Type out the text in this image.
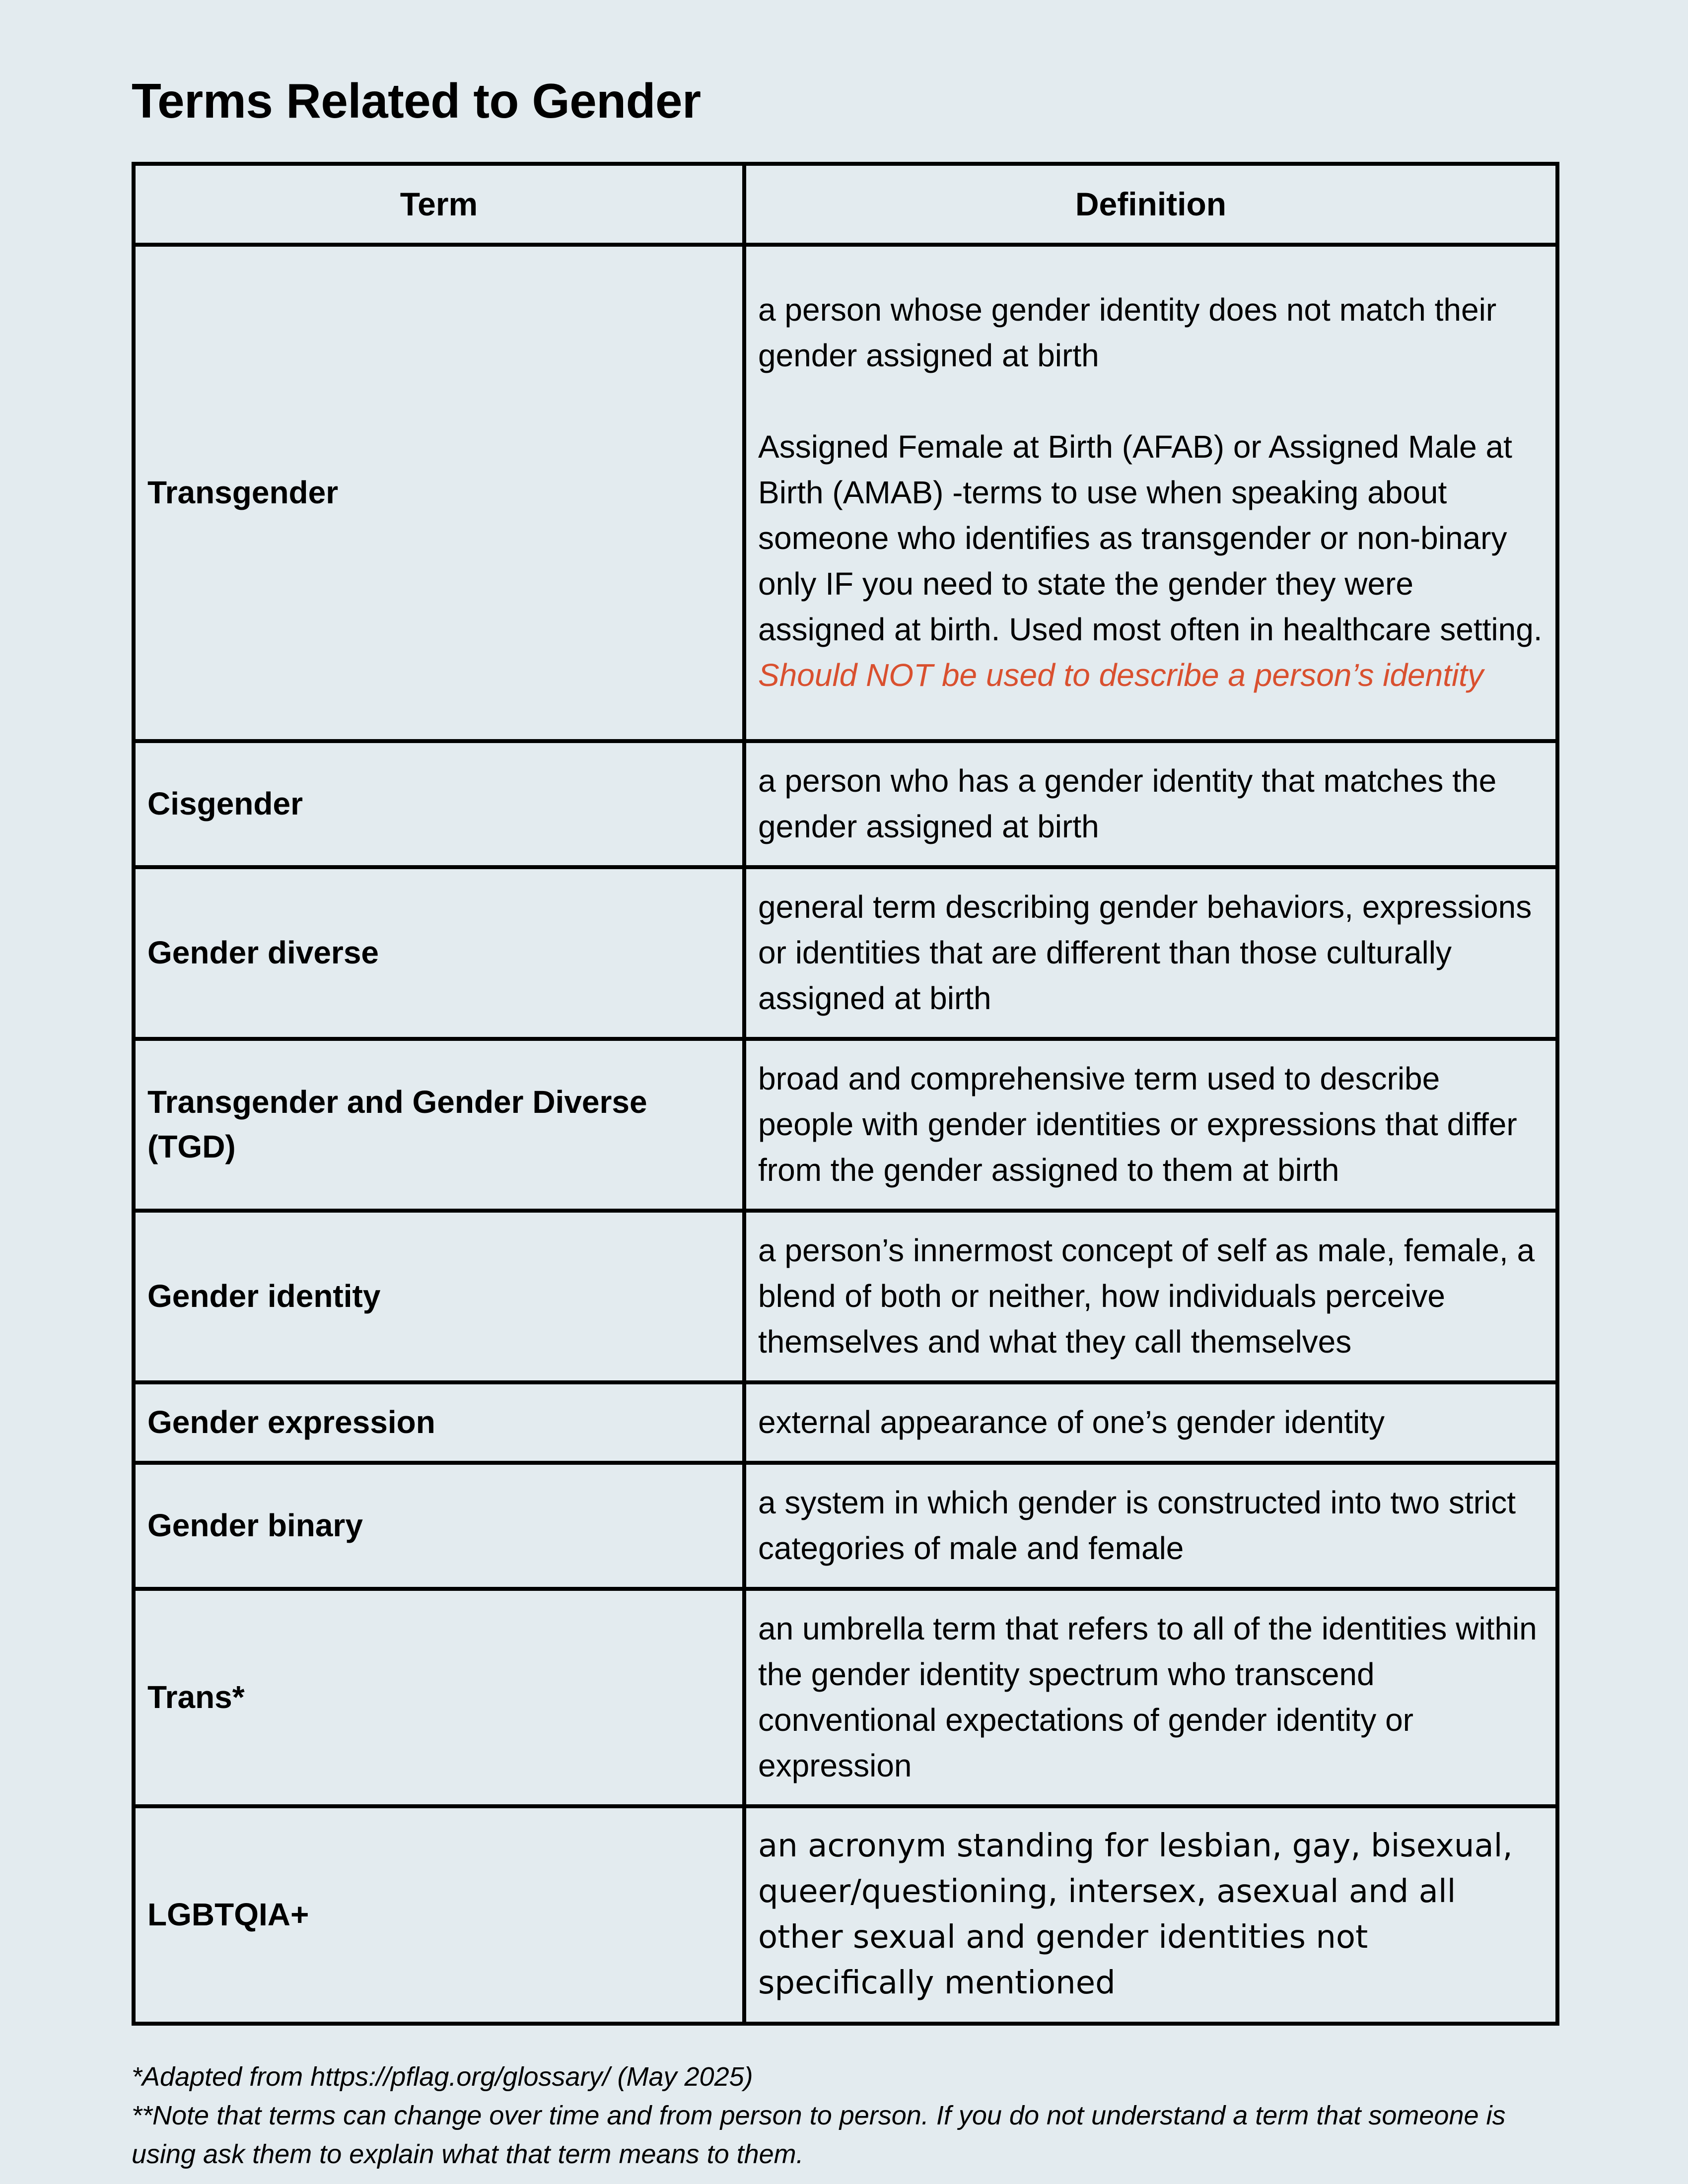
Terms Related to Gender
Term	Definition
Transgender	a person whose gender identity does not match their gender assigned at birth
Assigned Female at Birth (AFAB) or Assigned Male at Birth (AMAB) -terms to use when speaking about someone who identifies as transgender or non-binary only IF you need to state the gender they were assigned at birth. Used most often in healthcare setting.
Should NOT be used to describe a person’s identity

Cisgender	a person who has a gender identity that matches the gender assigned at birth
Gender diverse	general term describing gender behaviors, expressions or identities that are different than those culturally assigned at birth
Transgender and Gender Diverse (TGD)	broad and comprehensive term used to describe people with gender identities or expressions that differ from the gender assigned to them at birth
Gender identity	a person’s innermost concept of self as male, female, a blend of both or neither, how individuals perceive themselves and what they call themselves
Gender expression	external appearance of one’s gender identity
Gender binary	a system in which gender is constructed into two strict categories of male and female
Trans*	an umbrella term that refers to all of the identities within the gender identity spectrum who transcend conventional expectations of gender identity or expression
LGBTQIA+	an acronym standing for lesbian, gay, bisexual, queer/questioning, intersex, asexual and all other sexual and gender identities not specifically mentioned
*Adapted from https://pflag.org/glossary/ (May 2025)
**Note that terms can change over time and from person to person. If you do not understand a term that someone is using ask them to explain what that term means to them.
